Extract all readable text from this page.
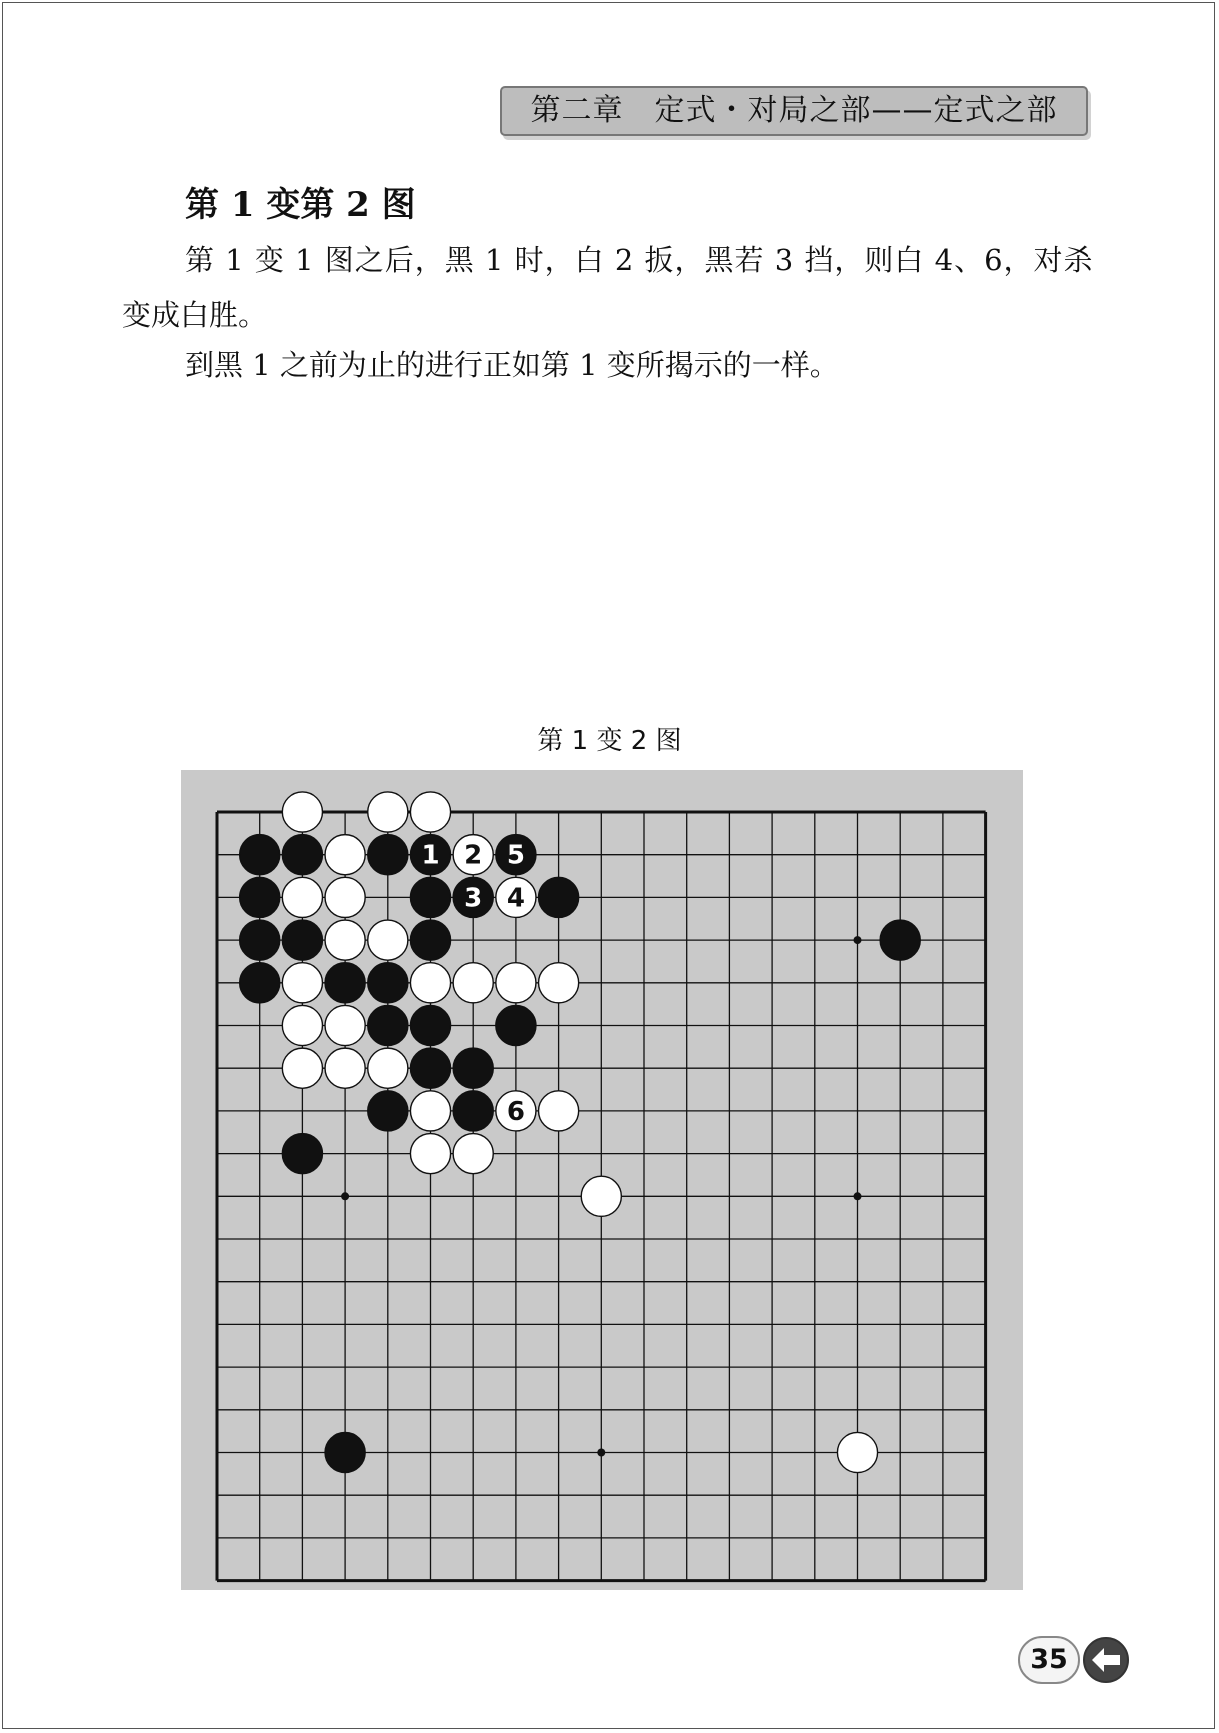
第二章　定式・对局之部——定式之部
第 1 变第 2 图

第 1 变 1 图之后，黑 1 时，白 2 扳，黑若 3 挡，则白 4、6，对杀

变成白胜。

到黑 1 之前为止的进行正如第 1 变所揭示的一样。

第 1 变 2 图
1 2 5
3 4
6
35
